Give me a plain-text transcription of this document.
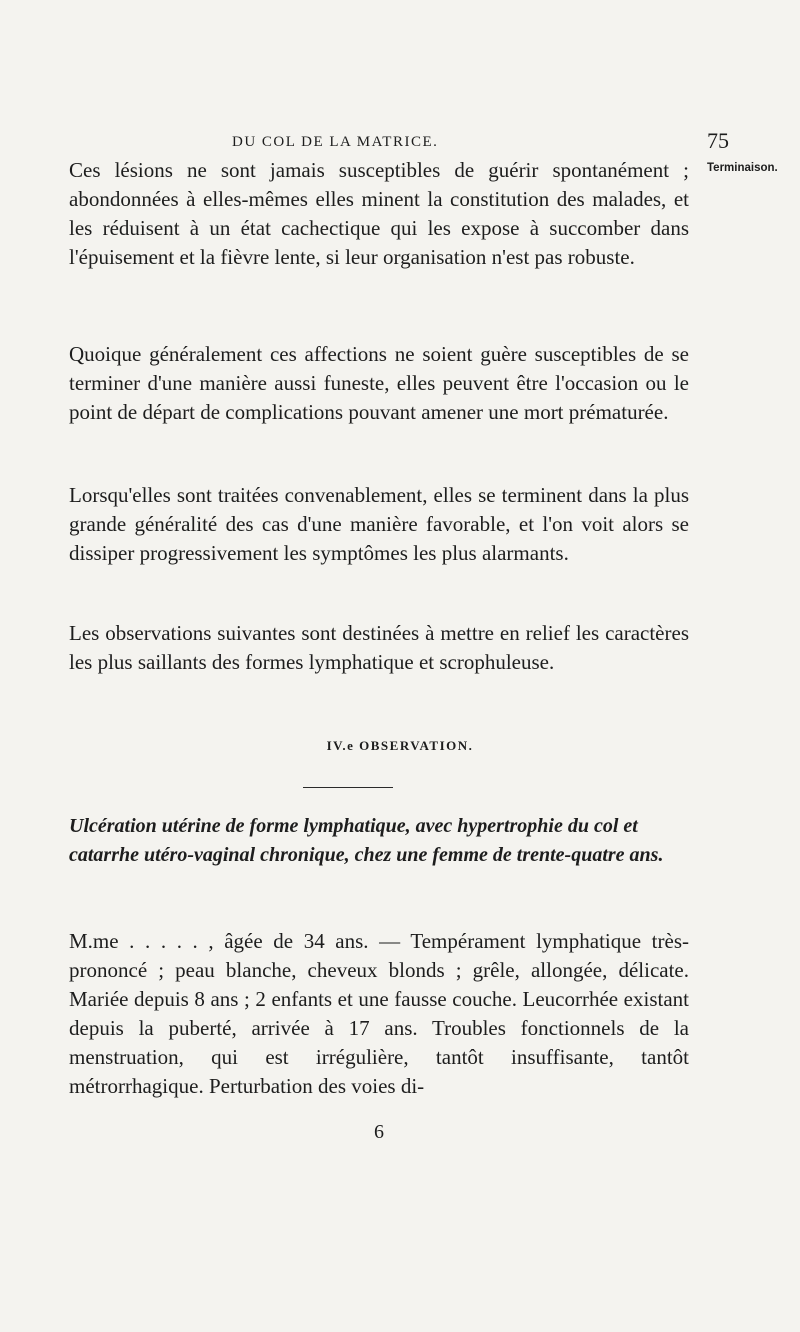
DU COL DE LA MATRICE.	75
Terminaison.

Ces lésions ne sont jamais susceptibles de guérir spontanément ; abondonnées à elles-mêmes elles minent la constitution des malades, et les réduisent à un état cachectique qui les expose à succomber dans l'épuisement et la fièvre lente, si leur organisation n'est pas robuste.

Quoique généralement ces affections ne soient guère susceptibles de se terminer d'une manière aussi funeste, elles peuvent être l'occasion ou le point de départ de complications pouvant amener une mort prématurée.

Lorsqu'elles sont traitées convenablement, elles se terminent dans la plus grande généralité des cas d'une manière favorable, et l'on voit alors se dissiper progressivement les symptômes les plus alarmants.

Les observations suivantes sont destinées à mettre en relief les caractères les plus saillants des formes lymphatique et scrophuleuse.

IV.e OBSERVATION.

Ulcération utérine de forme lymphatique, avec hypertrophie du col et catarrhe utéro-vaginal chronique, chez une femme de trente-quatre ans.

M.me . . . . . , âgée de 34 ans. — Tempérament lymphatique très-prononcé ; peau blanche, cheveux blonds ; grêle, allongée, délicate. Mariée depuis 8 ans ; 2 enfants et une fausse couche. Leucorrhée existant depuis la puberté, arrivée à 17 ans. Troubles fonctionnels de la menstruation, qui est irrégulière, tantôt insuffisante, tantôt métrorrhagique. Perturbation des voies di-

6
